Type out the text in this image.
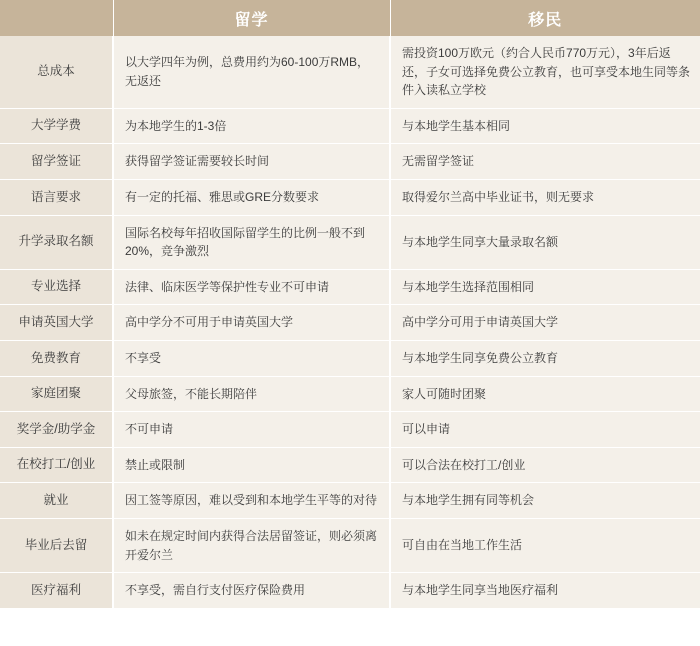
	留学	移民
总成本	以大学四年为例，总费用约为60-100万RMB，无返还	需投资100万欧元（约合人民币770万元），3年后返还，子女可选择免费公立教育，也可享受本地生同等条件入读私立学校
大学学费	为本地学生的1-3倍	与本地学生基本相同
留学签证	获得留学签证需要较长时间	无需留学签证
语言要求	有一定的托福、雅思或GRE分数要求	取得爱尔兰高中毕业证书，则无要求
升学录取名额	国际名校每年招收国际留学生的比例一般不到20%，竞争激烈	与本地学生同享大量录取名额
专业选择	法律、临床医学等保护性专业不可申请	与本地学生选择范围相同
申请英国大学	高中学分不可用于申请英国大学	高中学分可用于申请英国大学
免费教育	不享受	与本地学生同享免费公立教育
家庭团聚	父母旅签，不能长期陪伴	家人可随时团聚
奖学金/助学金	不可申请	可以申请
在校打工/创业	禁止或限制	可以合法在校打工/创业
就业	因工签等原因，难以受到和本地学生平等的对待	与本地学生拥有同等机会
毕业后去留	如未在规定时间内获得合法居留签证，则必须离开爱尔兰	可自由在当地工作生活
医疗福利	不享受，需自行支付医疗保险费用	与本地学生同享当地医疗福利
